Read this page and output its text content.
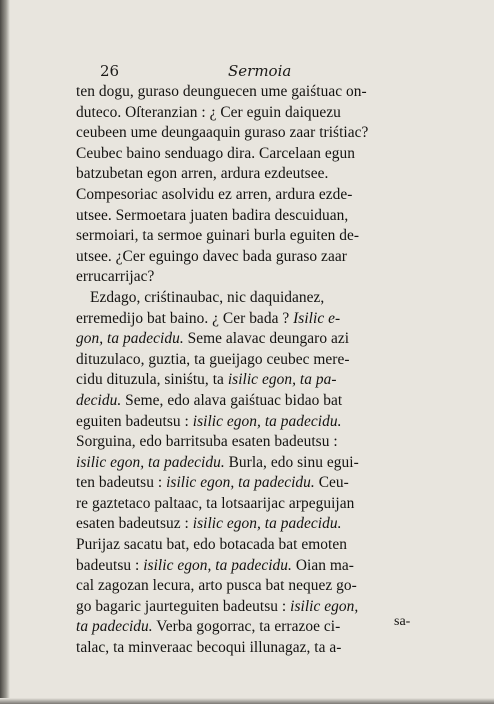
26	Sermoia
ten dogu, guraso deunguecen ume gaiśtuac on-
duteco. Oſteranzian : ¿ Cer eguin daiquezu
ceubeen ume deungaaquin guraso zaar triśtiac?
Ceubec baino senduago dira. Carcelaan egun
batzubetan egon arren, ardura ezdeutsee.
Compesoriac asolvidu ez arren, ardura ezde-
utsee. Sermoetara juaten badira descuiduan,
sermoiari, ta sermoe guinari burla eguiten de-
utsee. ¿Cer eguingo davec bada guraso zaar
errucarrijac?
Ezdago, criśtinaubac, nic daquidanez,
erremedijo bat baino. ¿ Cer bada ? Isilic e-
gon, ta padecidu. Seme alavac deungaro azi
dituzulaco, guztia, ta gueijago ceubec mere-
cidu dituzula, siniśtu, ta isilic egon, ta pa-
decidu. Seme, edo alava gaiśtuac bidao bat
eguiten badeutsu : isilic egon, ta padecidu.
Sorguina, edo barritsuba esaten badeutsu :
isilic egon, ta padecidu. Burla, edo sinu egui-
ten badeutsu : isilic egon, ta padecidu. Ceu-
re gaztetaco paltaac, ta lotsaarijac arpeguijan
esaten badeutsuz : isilic egon, ta padecidu.
Purijaz sacatu bat, edo botacada bat emoten
badeutsu : isilic egon, ta padecidu. Oian ma-
cal zagozan lecura, arto pusca bat nequez go-
go bagaric jaurteguiten badeutsu : isilic egon,
ta padecidu. Verba gogorrac, ta errazoe ci-
talac, ta minveraac becoqui illunagaz, ta a-
sa-
